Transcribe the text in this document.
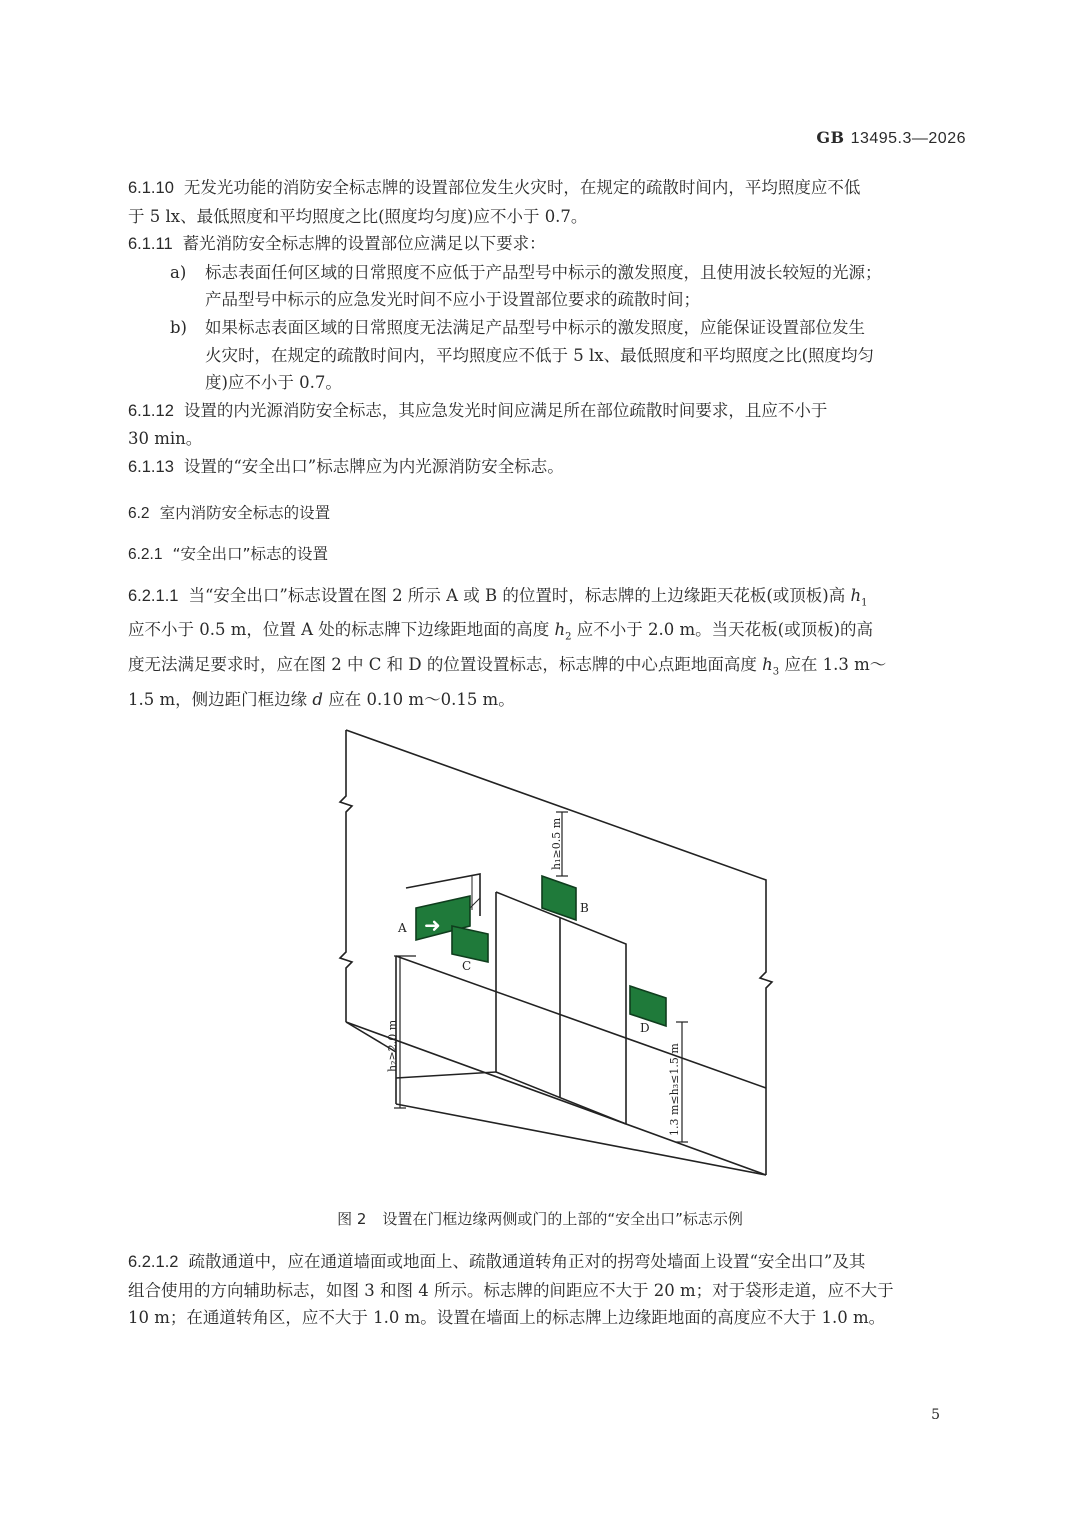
GB 13495.3—2026

6.1.10 无发光功能的消防安全标志牌的设置部位发生火灾时，在规定的疏散时间内，平均照度应不低
于 5 lx、最低照度和平均照度之比(照度均匀度)应不小于 0.7。

6.1.11 蓄光消防安全标志牌的设置部位应满足以下要求：

a) 标志表面任何区域的日常照度不应低于产品型号中标示的激发照度，且使用波长较短的光源；
产品型号中标示的应急发光时间不应小于设置部位要求的疏散时间；
b) 如果标志表面区域的日常照度无法满足产品型号中标示的激发照度，应能保证设置部位发生
火灾时，在规定的疏散时间内，平均照度应不低于 5 lx、最低照度和平均照度之比(照度均匀
度)应不小于 0.7。

6.1.12 设置的内光源消防安全标志，其应急发光时间应满足所在部位疏散时间要求，且应不小于
30 min。

6.1.13 设置的“安全出口”标志牌应为内光源消防安全标志。

6.2 室内消防安全标志的设置
6.2.1 “安全出口”标志的设置

6.2.1.1 当“安全出口”标志设置在图 2 所示 A 或 B 的位置时，标志牌的上边缘距天花板(或顶板)高 $h_1$
应不小于 0.5 m，位置 A 处的标志牌下边缘距地面的高度 $h_2$ 应不小于 2.0 m。当天花板(或顶板)的高
度无法满足要求时，应在图 2 中 C 和 D 的位置设置标志，标志牌的中心点距地面高度 $h_3$ 应在 1.3 m～
1.5 m，侧边距门框边缘 d 应在 0.10 m～0.15 m。

➜
A
C
B
D
h₁≥0.5 m
h₂≥2.0 m	1.3 m≤h₃≤1.5 m
图 2 设置在门框边缘两侧或门的上部的“安全出口”标志示例

6.2.1.2 疏散通道中，应在通道墙面或地面上、疏散通道转角正对的拐弯处墙面上设置“安全出口”及其
组合使用的方向辅助标志，如图 3 和图 4 所示。标志牌的间距应不大于 20 m；对于袋形走道，应不大于
10 m；在通道转角区，应不大于 1.0 m。设置在墙面上的标志牌上边缘距地面的高度应不大于 1.0 m。

5
